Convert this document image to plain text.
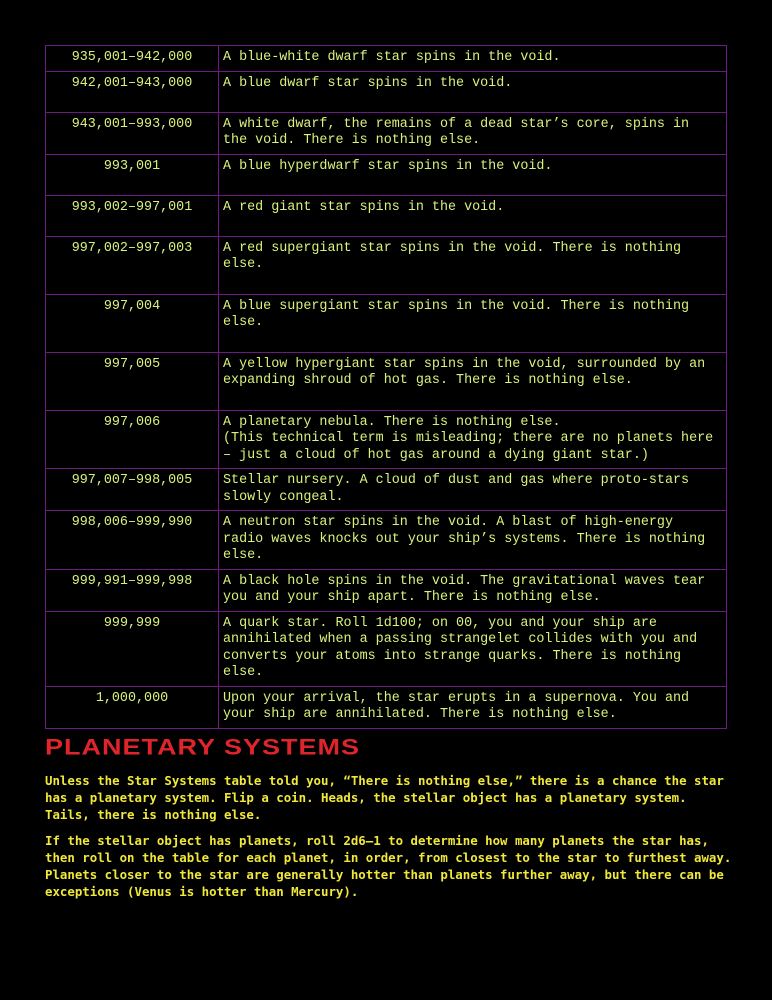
935,001–942,000	A blue-white dwarf star spins in the void.
942,001–943,000	A blue dwarf star spins in the void.
943,001–993,000	A white dwarf, the remains of a dead star’s core, spins in the void. There is nothing else.
993,001	A blue hyperdwarf star spins in the void.
993,002–997,001	A red giant star spins in the void.
997,002–997,003	A red supergiant star spins in the void. There is nothing else.
997,004	A blue supergiant star spins in the void. There is nothing else.
997,005	A yellow hypergiant star spins in the void, surrounded by an expanding shroud of hot gas. There is nothing else.
997,006	A planetary nebula. There is nothing else.
(This technical term is misleading; there are no planets here – just a cloud of hot gas around a dying giant star.)
997,007–998,005	Stellar nursery. A cloud of dust and gas where proto-stars slowly congeal.
998,006–999,990	A neutron star spins in the void. A blast of high-energy radio waves knocks out your ship’s systems. There is nothing else.
999,991–999,998	A black hole spins in the void. The gravitational waves tear you and your ship apart. There is nothing else.
999,999	A quark star. Roll 1d100; on 00, you and your ship are annihilated when a passing strangelet collides with you and converts your atoms into strange quarks. There is nothing else.
1,000,000	Upon your arrival, the star erupts in a supernova. You and your ship are annihilated. There is nothing else.
PLANETARY SYSTEMS

Unless the Star Systems table told you, “There is nothing else,” there is a chance the star has a planetary system. Flip a coin. Heads, the stellar object has a planetary system. Tails, there is nothing else.

If the stellar object has planets, roll 2d6–1 to determine how many planets the star has, then roll on the table for each planet, in order, from closest to the star to furthest away. Planets closer to the star are generally hotter than planets further away, but there can be exceptions (Venus is hotter than Mercury).
